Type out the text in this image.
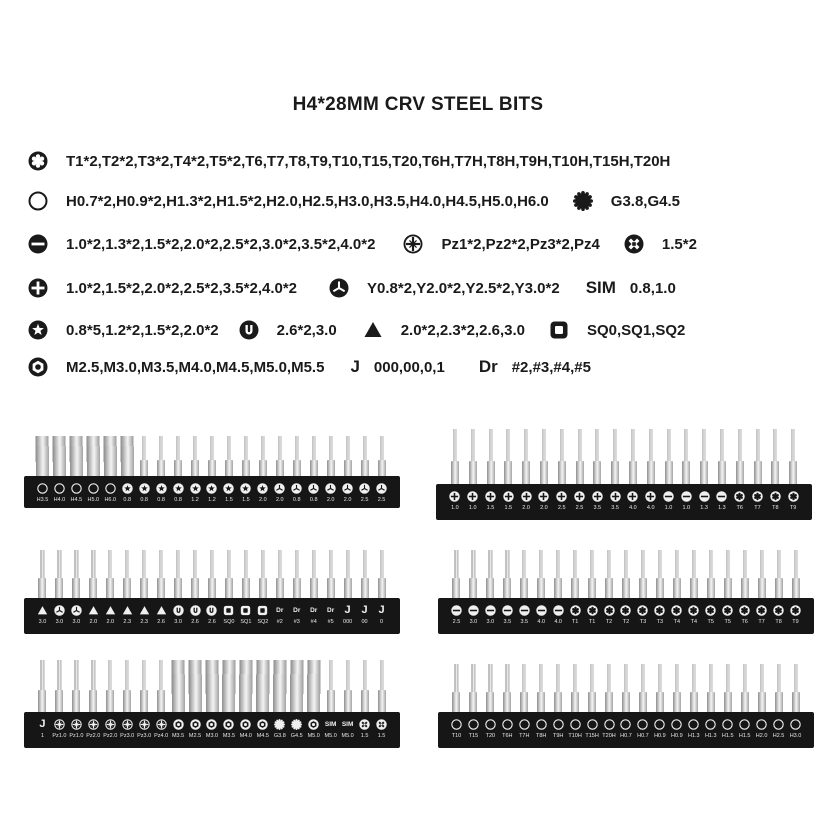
H4*28MM CRV STEEL BITS
T1*2,T2*2,T3*2,T4*2,T5*2,T6,T7,T8,T9,T10,T15,T20,T6H,T7H,T8H,T9H,T10H,T15H,T20H
H0.7*2,H0.9*2,H1.3*2,H1.5*2,H2.0,H2.5,H3.0,H3.5,H4.0,H4.5,H5.0,H6.0	G3.8,G4.5
1.0*2,1.3*2,1.5*2,2.0*2,2.5*2,3.0*2,3.5*2,4.0*2	Pz1*2,Pz2*2,Pz3*2,Pz4	1.5*2
1.0*2,1.5*2,2.0*2,2.5*2,3.5*2,4.0*2	Y0.8*2,Y2.0*2,Y2.5*2,Y3.0*2 SIM 0.8,1.0
0.8*5,1.2*2,1.5*2,2.0*2	2.6*2,3.0	2.0*2,2.3*2,2.6,3.0	SQ0,SQ1,SQ2
M2.5,M3.0,M3.5,M4.0,M4.5,M5.0,M5.5 J 000,00,0,1 Dr #2,#3,#4,#5
H3.5 H4.0 H4.5 H5.0 H6.0 0.8 0.8 0.8 0.8 1.2 1.2 1.5 1.5 2.0 2.0 0.8 0.8 2.0 2.0 2.5 2.5
1.0 1.0 1.5 1.5 2.0 2.0 2.5 2.5 3.5 3.5 4.0 4.0 1.0 1.0 1.3 1.3 T6 T7 T8 T9
3.0 3.0 3.0 2.0 2.0 2.3 2.3 2.6 3.0 2.6 2.6 SQ0 SQ1 SQ2
Dr
#2
Dr
#3
Dr
#4
Dr
#5
J
000
J
00
J
0	2.5 3.0 3.0 3.5 3.5 4.0 4.0 T1 T1 T2 T2 T3 T3 T4 T4 T5 T5 T6 T7 T8 T9
J
1 Pz1.0 Pz1.0 Pz2.0 Pz2.0 Pz3.0 Pz3.0 Pz4.0 M3.5 M2.5 M3.0 M3.5 M4.0 M4.5 G3.8 G4.5 M5.0
SIM
M5.0
SIM
M5.0 1.5 1.5	T10 T15 T20 T6H T7H T8H T9H T10H T15H T20H H0.7 H0.7 H0.9 H0.9 H1.3 H1.3 H1.5 H1.5 H2.0 H2.5 H3.0
